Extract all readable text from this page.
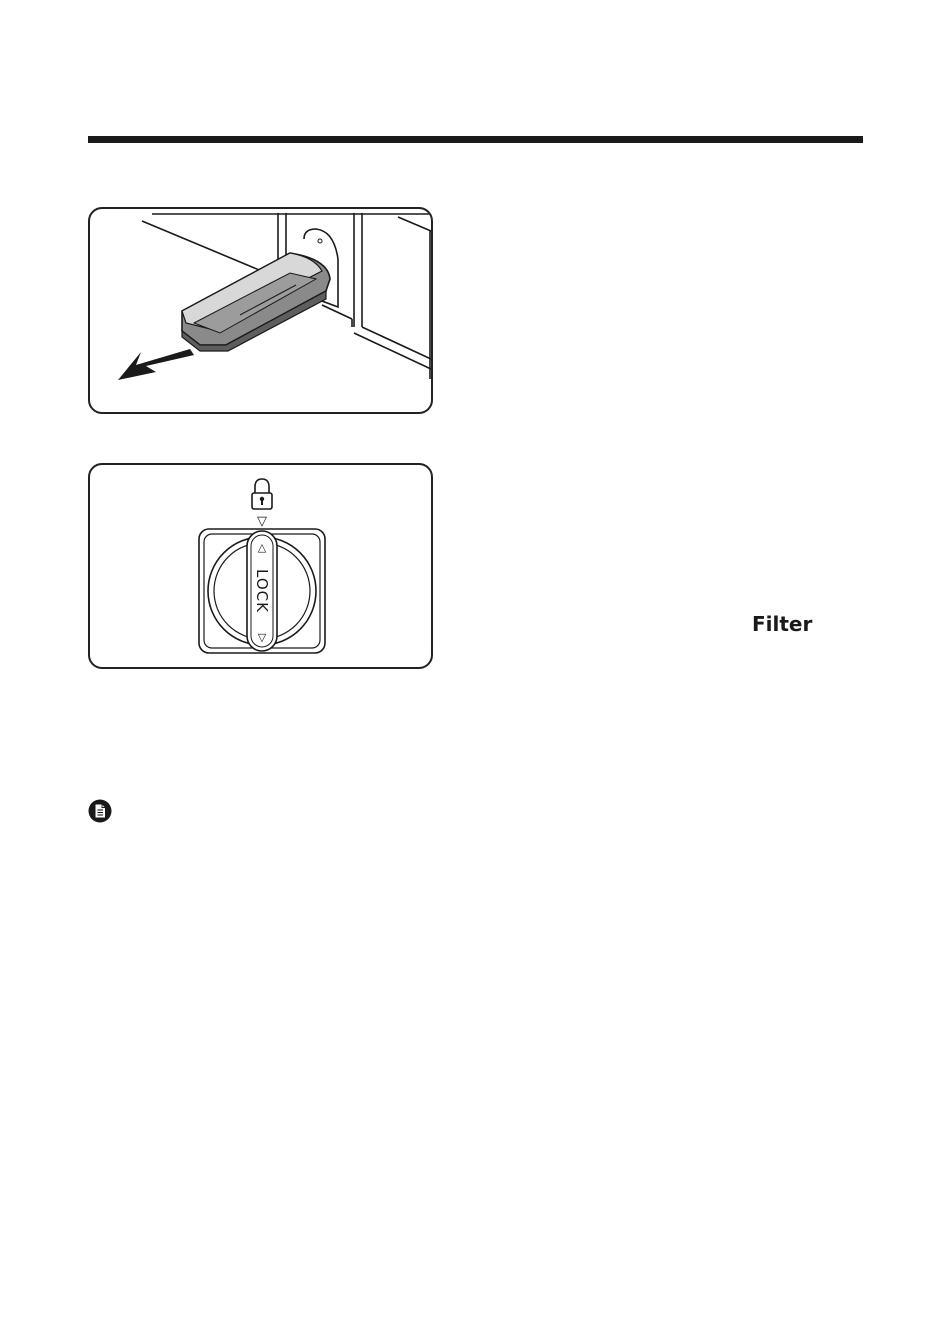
▽
△
▽
LOCK
Filter
